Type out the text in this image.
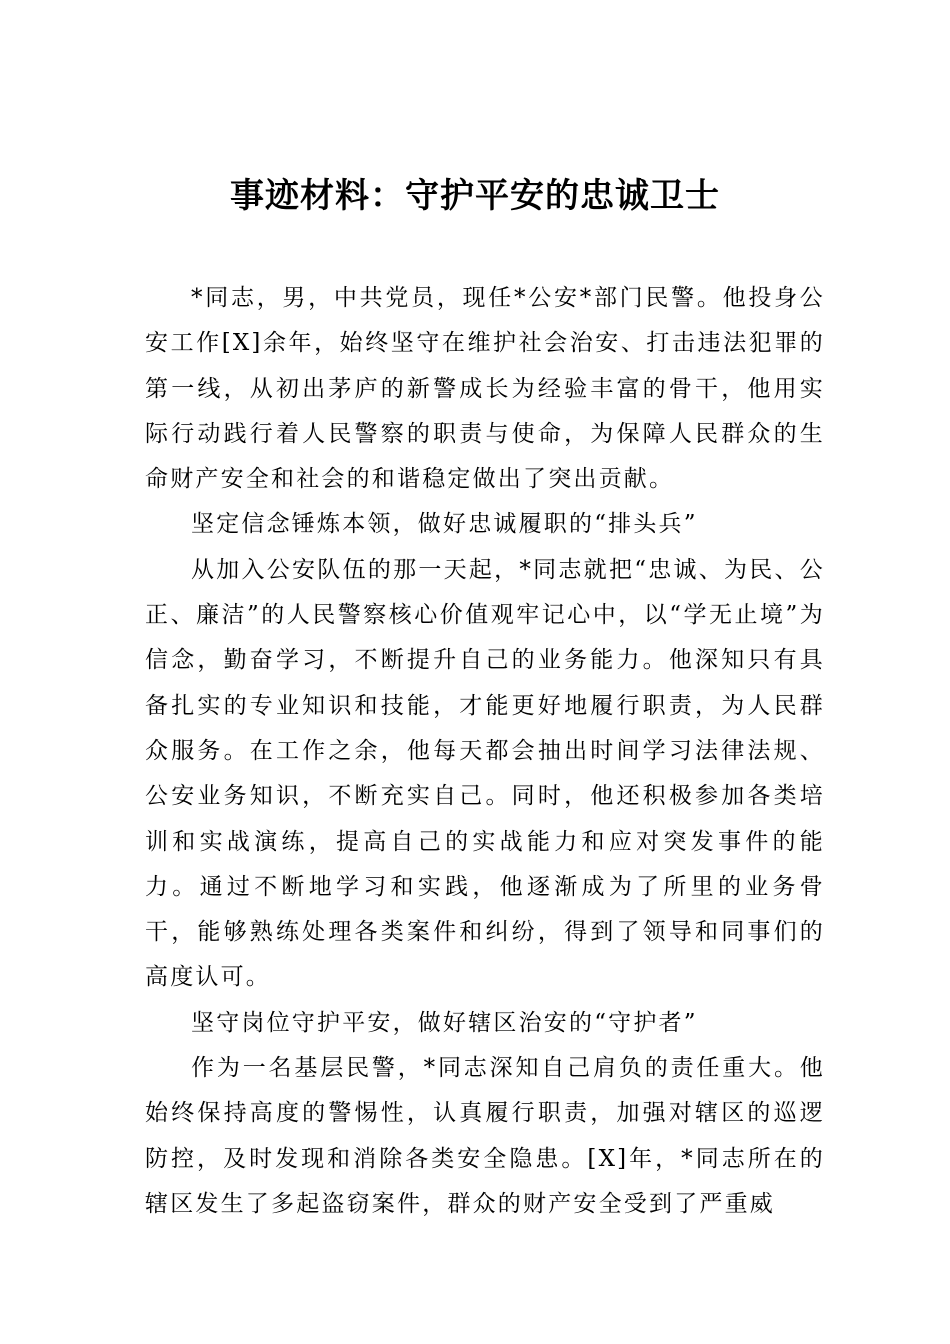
事迹材料：守护平安的忠诚卫士

*同志，男，中共党员，现任*公安*部门民警。他投身公安工作[X]余年，始终坚守在维护社会治安、打击违法犯罪的第一线，从初出茅庐的新警成长为经验丰富的骨干，他用实际行动践行着人民警察的职责与使命，为保障人民群众的生命财产安全和社会的和谐稳定做出了突出贡献。

坚定信念锤炼本领，做好忠诚履职的“排头兵”

从加入公安队伍的那一天起，*同志就把“忠诚、为民、公正、廉洁”的人民警察核心价值观牢记心中，以“学无止境”为信念，勤奋学习，不断提升自己的业务能力。他深知只有具备扎实的专业知识和技能，才能更好地履行职责，为人民群众服务。在工作之余，他每天都会抽出时间学习法律法规、公安业务知识，不断充实自己。同时，他还积极参加各类培训和实战演练，提高自己的实战能力和应对突发事件的能力。通过不断地学习和实践，他逐渐成为了所里的业务骨干，能够熟练处理各类案件和纠纷，得到了领导和同事们的高度认可。

坚守岗位守护平安，做好辖区治安的“守护者”

作为一名基层民警，*同志深知自己肩负的责任重大。他始终保持高度的警惕性，认真履行职责，加强对辖区的巡逻防控，及时发现和消除各类安全隐患。[X]年，*同志所在的辖区发生了多起盗窃案件，群众的财产安全受到了严重威
